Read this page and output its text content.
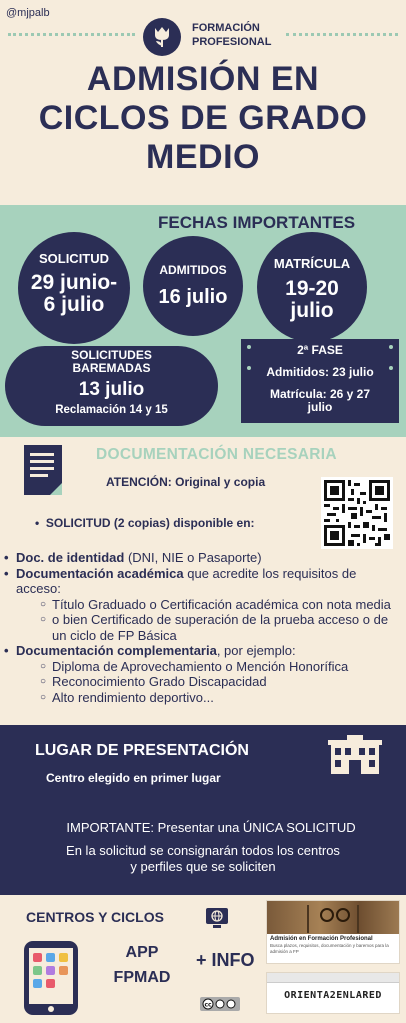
@mjpalb
FORMACIÓN
PROFESIONAL
ADMISIÓN EN
CICLOS DE GRADO
MEDIO
FECHAS IMPORTANTES
SOLICITUD
29 junio-
6 julio
ADMITIDOS
16 julio
MATRÍCULA
19-20
julio
SOLICITUDES
BAREMADAS
13 julio
Reclamación 14 y 15
2ª FASE
Admitidos: 23 julio
Matrícula: 26 y 27
julio
DOCUMENTACIÓN NECESARIA
ATENCIÓN: Original y copia
•  SOLICITUD (2 copias) disponible en:
• Doc. de identidad (DNI, NIE o Pasaporte)
• Documentación académica que acredite los requisitos de acceso:
○ Título Graduado o Certificación académica con nota media
○ o bien Certificado de superación de la prueba acceso o de un ciclo de FP Básica
• Documentación complementaria, por ejemplo:
○ Diploma de Aprovechamiento o Mención Honorífica
○ Reconocimiento Grado Discapacidad
○ Alto rendimiento deportivo...
LUGAR DE PRESENTACIÓN
Centro elegido en primer lugar
IMPORTANTE: Presentar una ÚNICA SOLICITUD
En la solicitud se consignarán todos los centros
y perfiles que se soliciten
CENTROS Y CICLOS
APP
FPMAD
+ INFO
cc
Admisión en Formación Profesional
Busca plazos, requisitos, documentación y baremos para la admisión a FP
ORIENTA2ENLARED
